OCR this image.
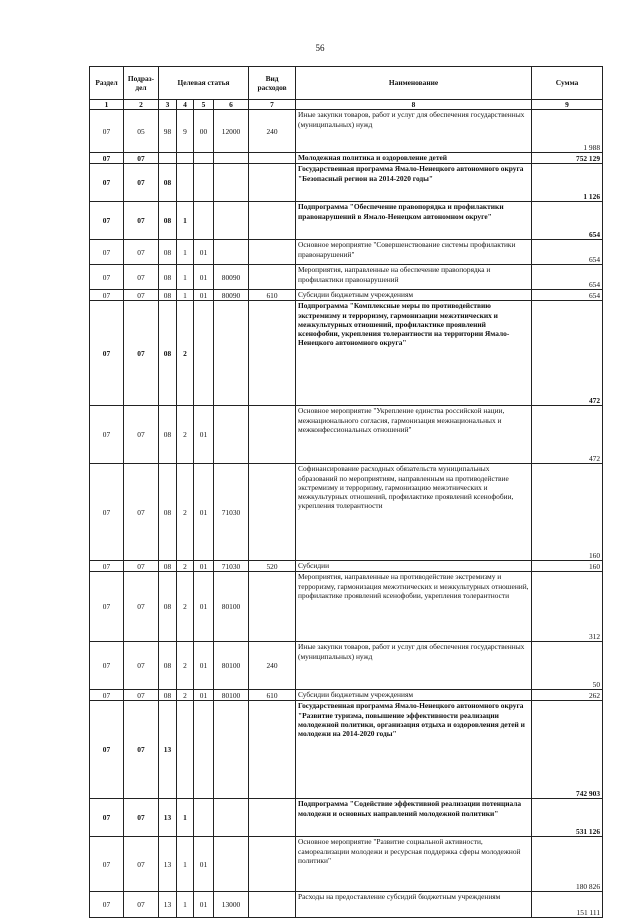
56
Раздел	Подраз-дел	Целевая статья				Вид расходов	Наименование	Сумма
1	2	3	4	5	6	7	8	9
07	05	98	9	00	12000	240	Иные закупки товаров, работ и услуг для обеспечения государственных (муниципальных) нужд	1 988
07	07						Молодежная политика и оздоровление детей	752 129
07	07	08					Государственная программа Ямало-Ненецкого автономного округа "Безопасный регион на 2014-2020 годы"	1 126
07	07	08	1				Подпрограмма "Обеспечение правопорядка и профилактики правонарушений в Ямало-Ненецком автономном округе"	654
07	07	08	1	01			Основное мероприятие "Совершенствование системы профилактики правонарушений"	654
07	07	08	1	01	80090		Мероприятия, направленные на обеспечение правопорядка и профилактики правонарушений	654
07	07	08	1	01	80090	610	Субсидии бюджетным учреждениям	654
07	07	08	2				Подпрограмма "Комплексные меры по противодействию экстремизму и терроризму, гармонизации межэтнических и межкультурных отношений, профилактике проявлений ксенофобии, укрепления толерантности на территории Ямало-Ненецкого автономного округа"	472
07	07	08	2	01			Основное мероприятие "Укрепление единства российской нации, межнационального согласия, гармонизация межнациональных и межконфессиональных отношений"	472
07	07	08	2	01	71030		Софинансирование расходных обязательств муниципальных образований по мероприятиям, направленным на противодействие экстремизму и терроризму, гармонизацию межэтнических и межкультурных отношений, профилактике проявлений ксенофобии, укрепления толерантности	160
07	07	08	2	01	71030	520	Субсидии	160
07	07	08	2	01	80100		Мероприятия, направленные на противодействие экстремизму и терроризму, гармонизация межэтнических и межкультурных отношений, профилактике проявлений ксенофобии, укрепления толерантности	312
07	07	08	2	01	80100	240	Иные закупки товаров, работ и услуг для обеспечения государственных (муниципальных) нужд	50
07	07	08	2	01	80100	610	Субсидии бюджетным учреждениям	262
07	07	13					Государственная программа Ямало-Ненецкого автономного округа "Развитие туризма, повышение эффективности реализации молодежной политики, организация отдыха и оздоровления детей и молодежи на 2014-2020 годы"	742 903
07	07	13	1				Подпрограмма "Содействие эффективной реализации потенциала молодежи и основных направлений молодежной политики"	531 126
07	07	13	1	01			Основное мероприятие "Развитие социальной активности, самореализации молодежи и ресурсная поддержка сферы молодежной политики"	180 826
07	07	13	1	01	13000		Расходы на предоставление субсидий бюджетным учреждениям	151 111
